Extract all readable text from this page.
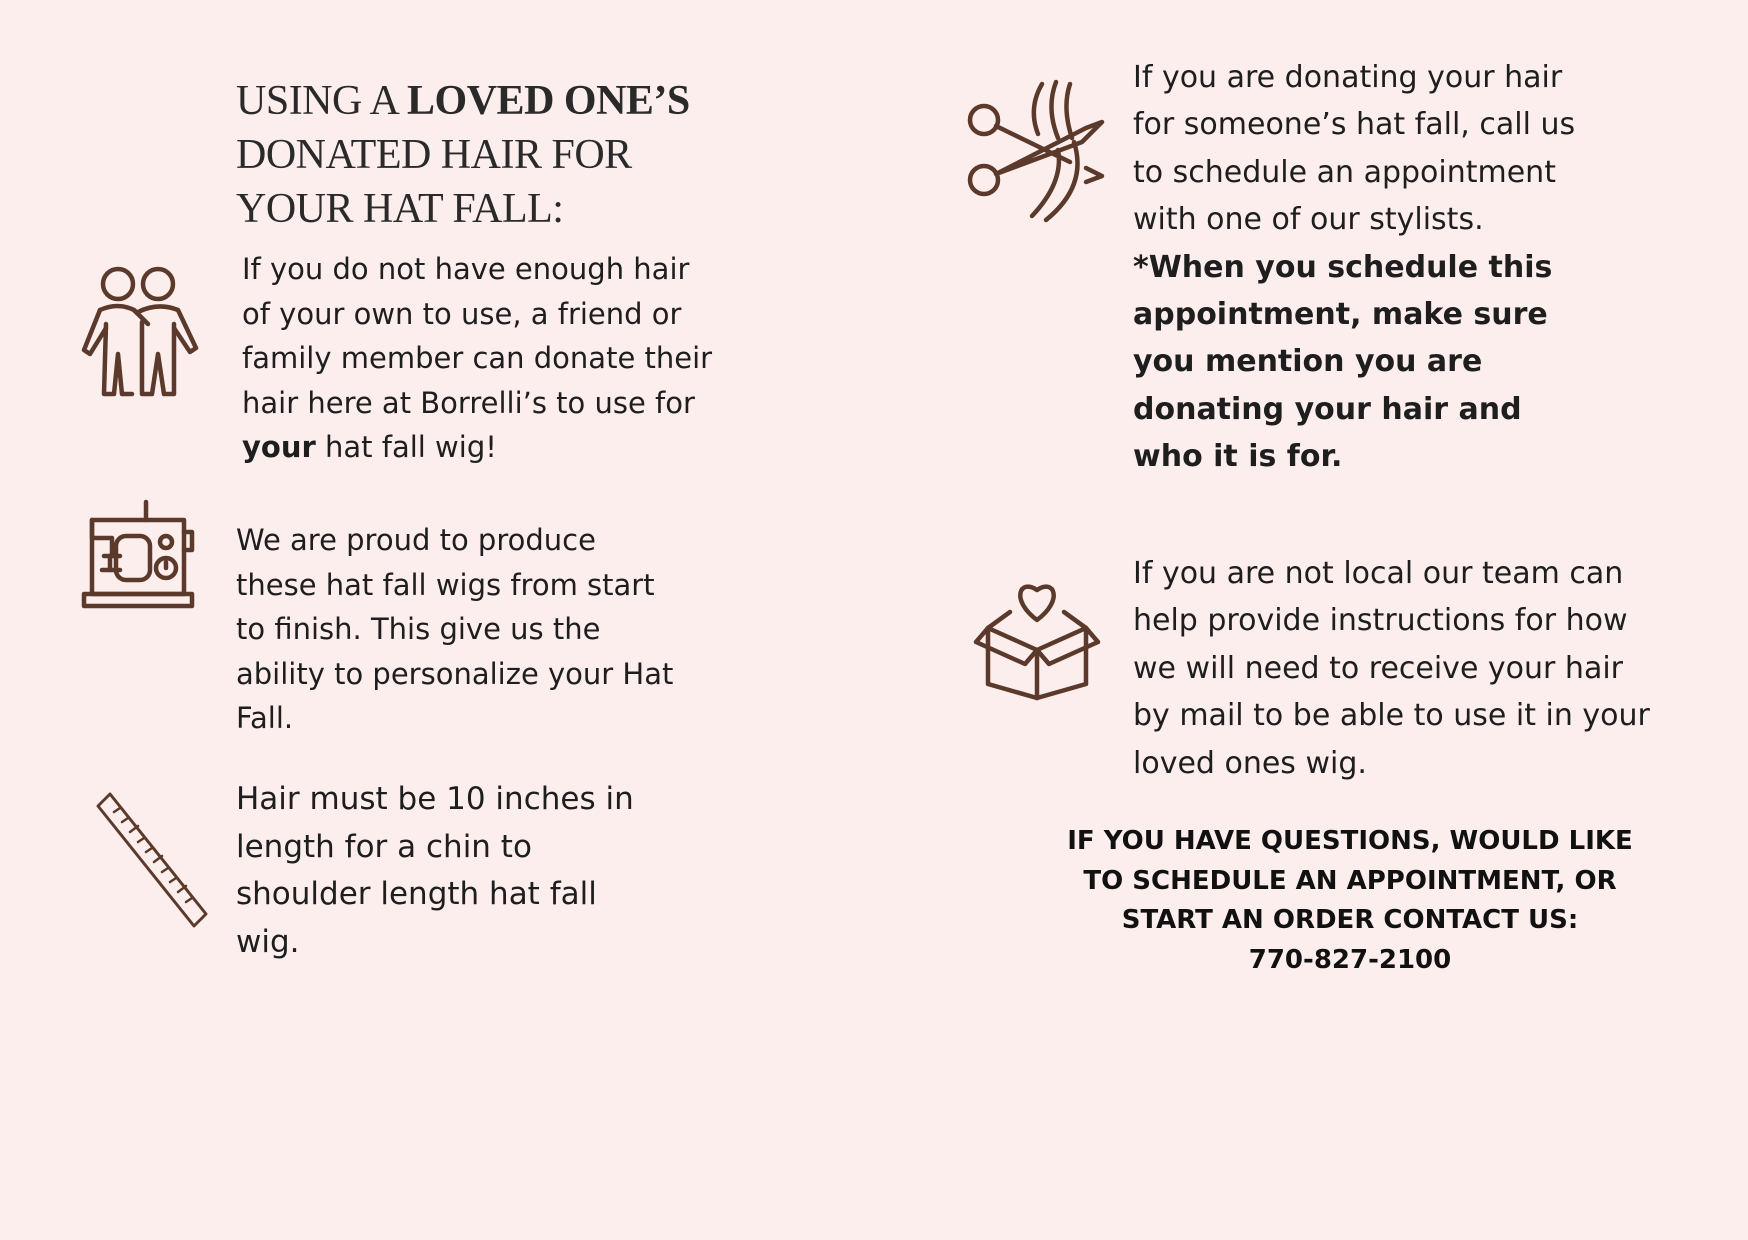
USING A LOVED ONE’S
DONATED HAIR FOR
YOUR HAT FALL:
If you do not have enough hair of your own to use, a friend or family member can donate their hair here at Borrelli’s to use for your hat fall wig!
We are proud to produce these hat fall wigs from start to finish. This give us the ability to personalize your Hat Fall.
Hair must be 10 inches in length for a chin to shoulder length hat fall wig.
If you are donating your hair for someone’s hat fall, call us to schedule an appointment with one of our stylists. *When you schedule this appointment, make sure you mention you are donating your hair and who it is for.
If you are not local our team can help provide instructions for how we will need to receive your hair by mail to be able to use it in your loved ones wig.
IF YOU HAVE QUESTIONS, WOULD LIKE
TO SCHEDULE AN APPOINTMENT, OR
START AN ORDER CONTACT US:
770-827-2100
